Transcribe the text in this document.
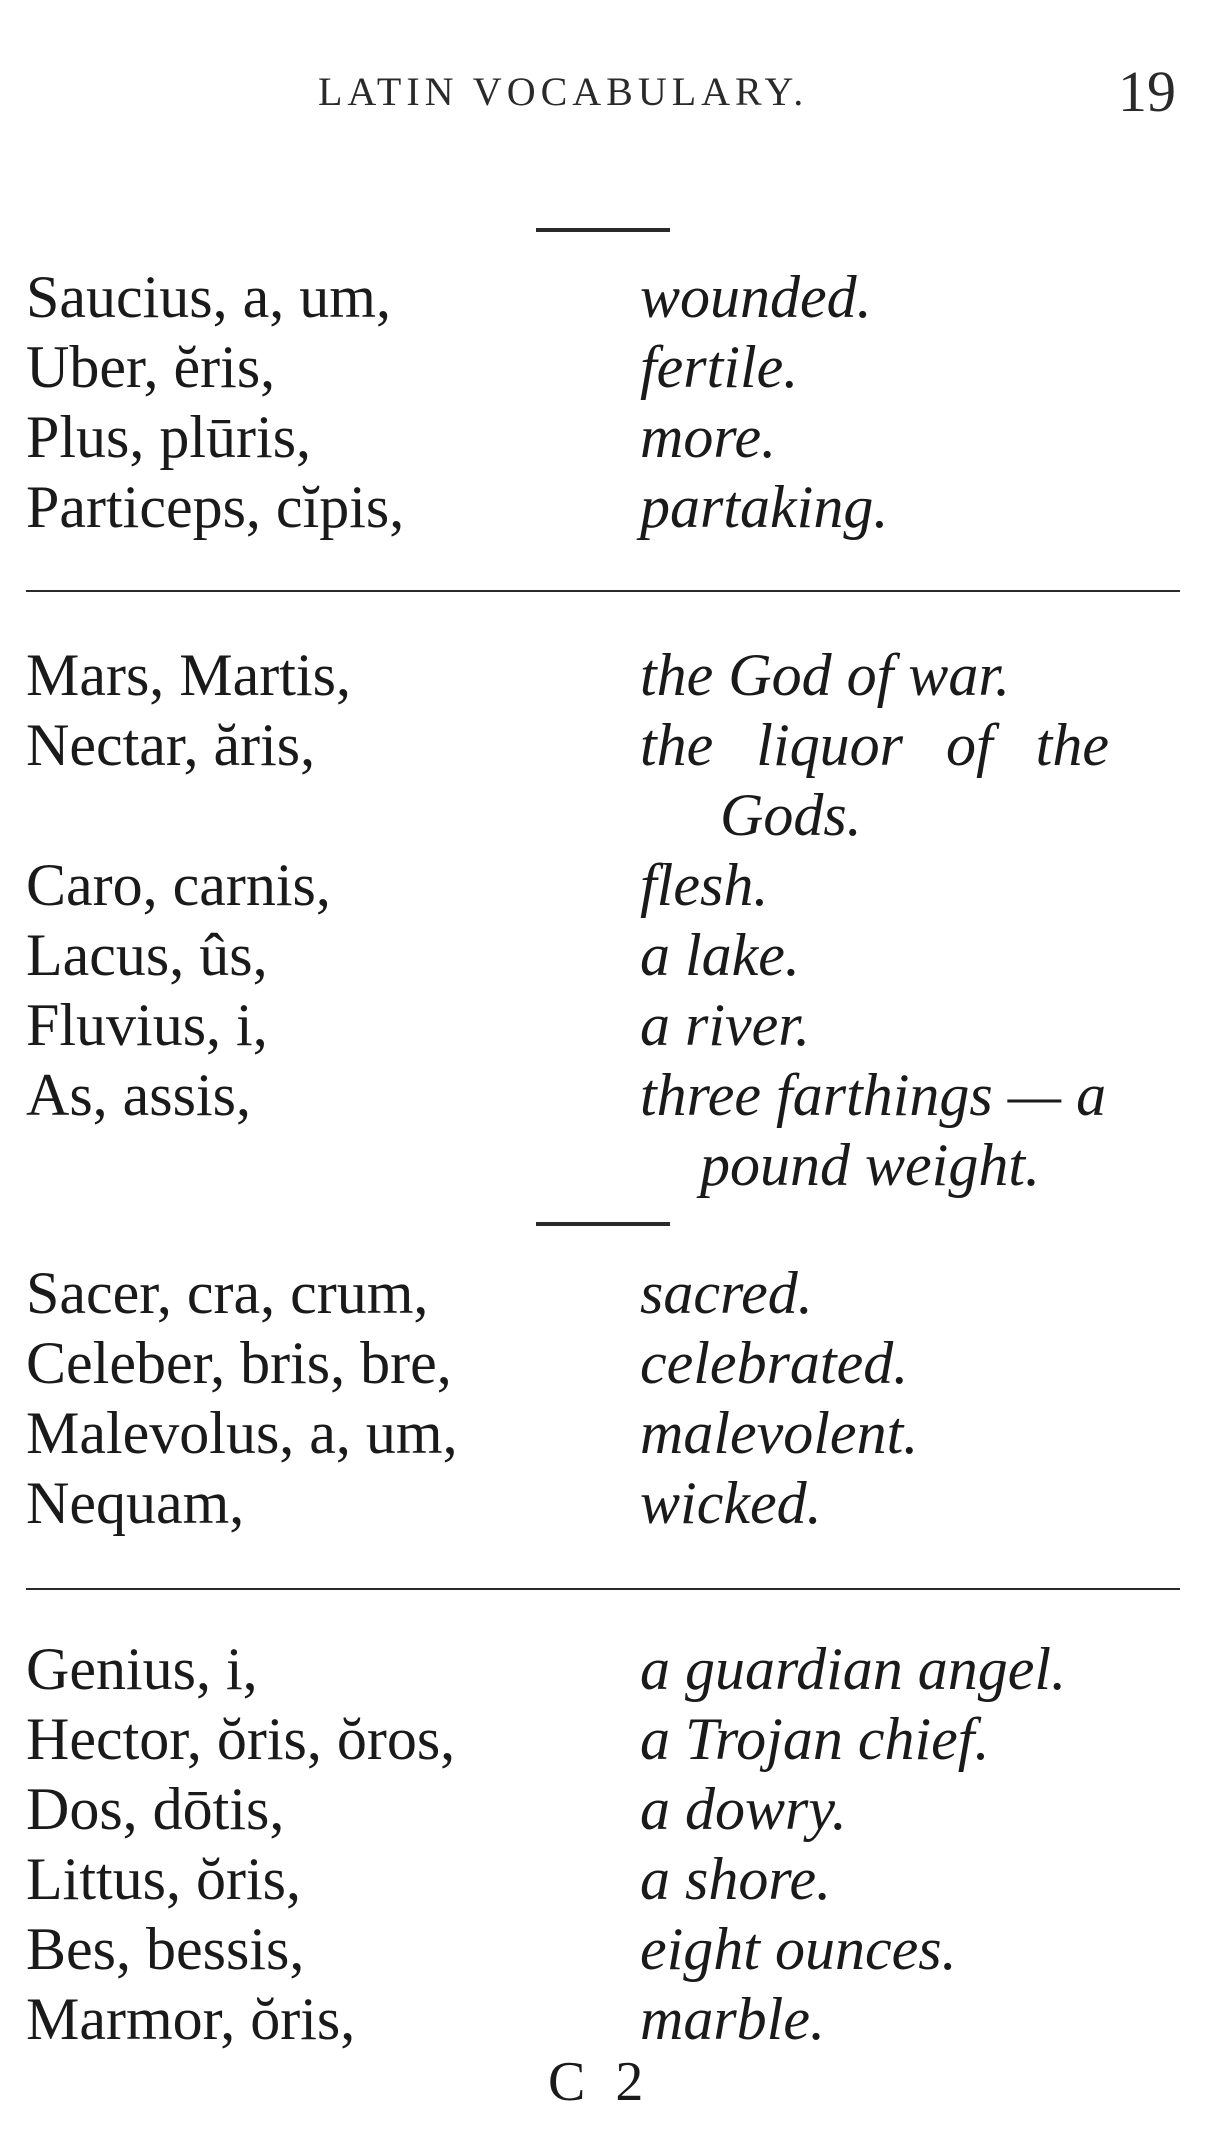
LATIN VOCABULARY.	19
Saucius, a, um,	wounded.
Uber, ĕris,	fertile.
Plus, plūris,	more.
Particeps, cĭpis,	partaking.
Mars, Martis,	the God of war.
Nectar, ăris,	the liquor of the
Gods.
Caro, carnis,	flesh.
Lacus, ûs,	a lake.
Fluvius, i,	a river.
As, assis,	three farthings — a
pound weight.
Sacer, cra, crum,	sacred.
Celeber, bris, bre,	celebrated.
Malevolus, a, um,	malevolent.
Nequam,	wicked.
Genius, i,	a guardian angel.
Hector, ŏris, ŏros,	a Trojan chief.
Dos, dōtis,	a dowry.
Littus, ŏris,	a shore.
Bes, bessis,	eight ounces.
Marmor, ŏris,	marble.
C 2
